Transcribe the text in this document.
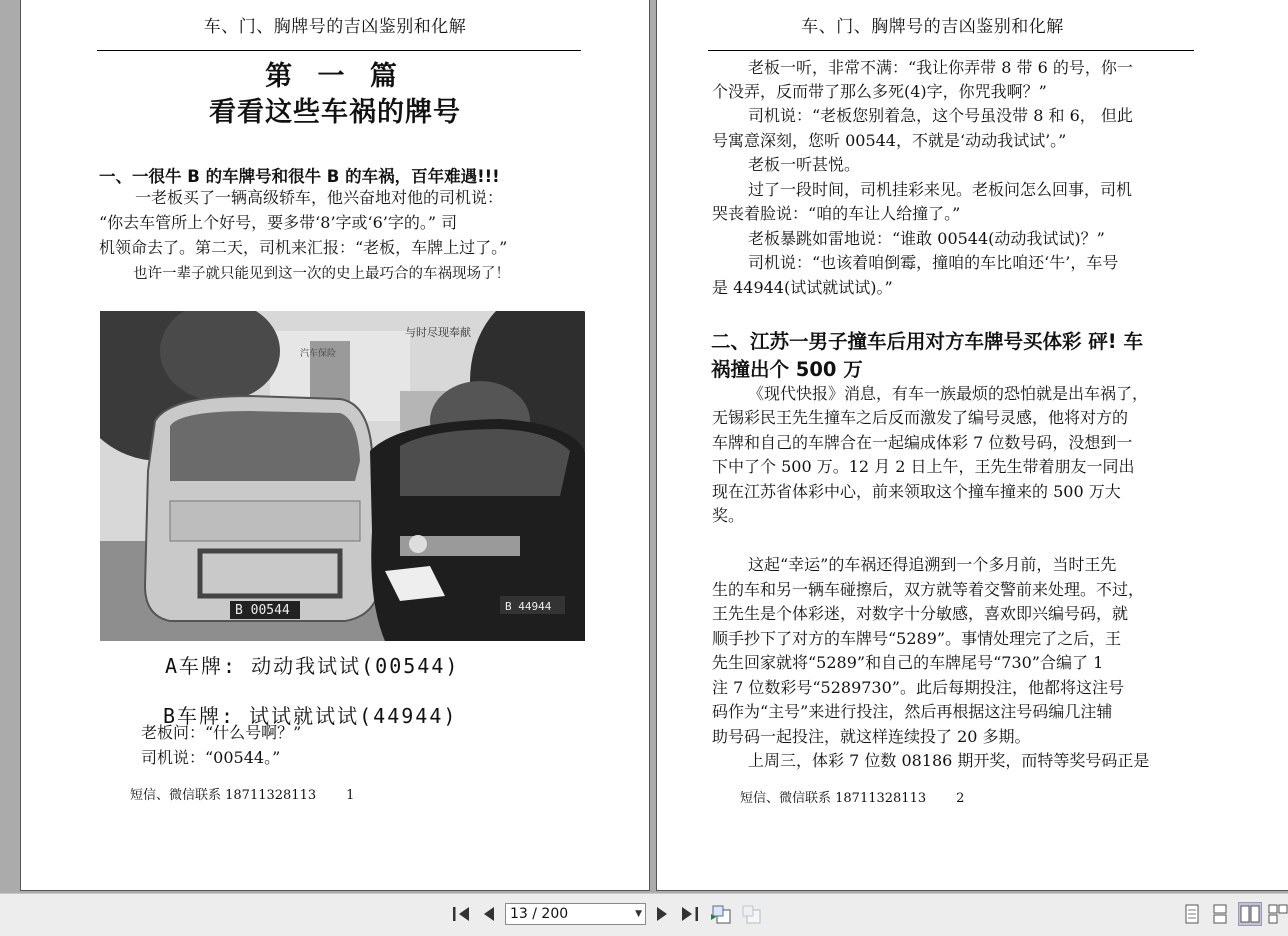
车、门、胸牌号的吉凶鉴别和化解
第 一 篇
看看这些车祸的牌号
一、一很牛 B 的车牌号和很牛 B 的车祸，百年难遇!!!
一老板买了一辆高级轿车，他兴奋地对他的司机说：
“你去车管所上个好号，要多带‘8’字或‘6’字的。” 司
机领命去了。第二天，司机来汇报：“老板，车牌上过了。”
也许一辈子就只能见到这一次的史上最巧合的车祸现场了！
与时尽现奉献
汽车保险
B 00544	B 44944
A车牌: 动动我试试(00544)
B车牌: 试试就试试(44944)
老板问：“什么号啊？”
司机说：“00544。”
短信、微信联系 18711328113 1
车、门、胸牌号的吉凶鉴别和化解
老板一听，非常不满：“我让你弄带 8 带 6 的号，你一
个没弄，反而带了那么多死(4)字，你咒我啊？”
司机说：“老板您别着急，这个号虽没带 8 和 6， 但此
号寓意深刻，您听 00544，不就是‘动动我试试’。”
老板一听甚悦。
过了一段时间，司机挂彩来见。老板问怎么回事，司机
哭丧着脸说：“咱的车让人给撞了。”
老板暴跳如雷地说：“谁敢 00544(动动我试试)？”
司机说：“也该着咱倒霉，撞咱的车比咱还‘牛’，车号
是 44944(试试就试试)。”
二、江苏一男子撞车后用对方车牌号买体彩 砰! 车
祸撞出个 500 万
《现代快报》消息，有车一族最烦的恐怕就是出车祸了，
无锡彩民王先生撞车之后反而激发了编号灵感，他将对方的
车牌和自己的车牌合在一起编成体彩 7 位数号码，没想到一
下中了个 500 万。12 月 2 日上午，王先生带着朋友一同出
现在江苏省体彩中心，前来领取这个撞车撞来的 500 万大
奖。
这起“幸运”的车祸还得追溯到一个多月前，当时王先
生的车和另一辆车碰擦后，双方就等着交警前来处理。不过，
王先生是个体彩迷，对数字十分敏感，喜欢即兴编号码，就
顺手抄下了对方的车牌号“5289”。事情处理完了之后，王
先生回家就将“5289”和自己的车牌尾号“730”合编了 1
注 7 位数彩号“5289730”。此后每期投注，他都将这注号
码作为“主号”来进行投注，然后再根据这注号码编几注辅
助号码一起投注，就这样连续投了 20 多期。
上周三，体彩 7 位数 08186 期开奖，而特等奖号码正是
短信、微信联系 18711328113 2
13 / 200	▼
